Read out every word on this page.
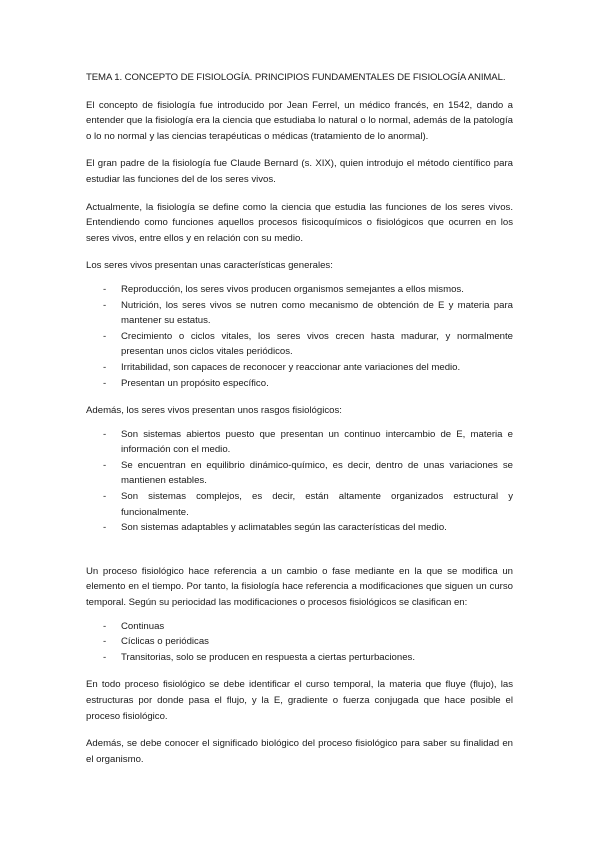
TEMA 1. CONCEPTO DE FISIOLOGÍA. PRINCIPIOS FUNDAMENTALES DE FISIOLOGÍA ANIMAL.

El concepto de fisiología fue introducido por Jean Ferrel, un médico francés, en 1542, dando a entender que la fisiología era la ciencia que estudiaba lo natural o lo normal, además de la patología o lo no normal y las ciencias terapéuticas o médicas (tratamiento de lo anormal).

El gran padre de la fisiología fue Claude Bernard (s. XIX), quien introdujo el método científico para estudiar las funciones del de los seres vivos.

Actualmente, la fisiología se define como la ciencia que estudia las funciones de los seres vivos. Entendiendo como funciones aquellos procesos fisicoquímicos o fisiológicos que ocurren en los seres vivos, entre ellos y en relación con su medio.

Los seres vivos presentan unas características generales:

- Reproducción, los seres vivos producen organismos semejantes a ellos mismos.
- Nutrición, los seres vivos se nutren como mecanismo de obtención de E y materia para mantener su estatus.
- Crecimiento o ciclos vitales, los seres vivos crecen hasta madurar, y normalmente presentan unos ciclos vitales periódicos.
- Irritabilidad, son capaces de reconocer y reaccionar ante variaciones del medio.
- Presentan un propósito específico.

Además, los seres vivos presentan unos rasgos fisiológicos:

- Son sistemas abiertos puesto que presentan un continuo intercambio de E, materia e información con el medio.
- Se encuentran en equilibrio dinámico-químico, es decir, dentro de unas variaciones se mantienen estables.
- Son sistemas complejos, es decir, están altamente organizados estructural y funcionalmente.
- Son sistemas adaptables y aclimatables según las características del medio.

Un proceso fisiológico hace referencia a un cambio o fase mediante en la que se modifica un elemento en el tiempo. Por tanto, la fisiología hace referencia a modificaciones que siguen un curso temporal. Según su periocidad las modificaciones o procesos fisiológicos se clasifican en:

- Continuas
- Cíclicas o periódicas
- Transitorias, solo se producen en respuesta a ciertas perturbaciones.

En todo proceso fisiológico se debe identificar el curso temporal, la materia que fluye (flujo), las estructuras por donde pasa el flujo, y la E, gradiente o fuerza conjugada que hace posible el proceso fisiológico.

Además, se debe conocer el significado biológico del proceso fisiológico para saber su finalidad en el organismo.
